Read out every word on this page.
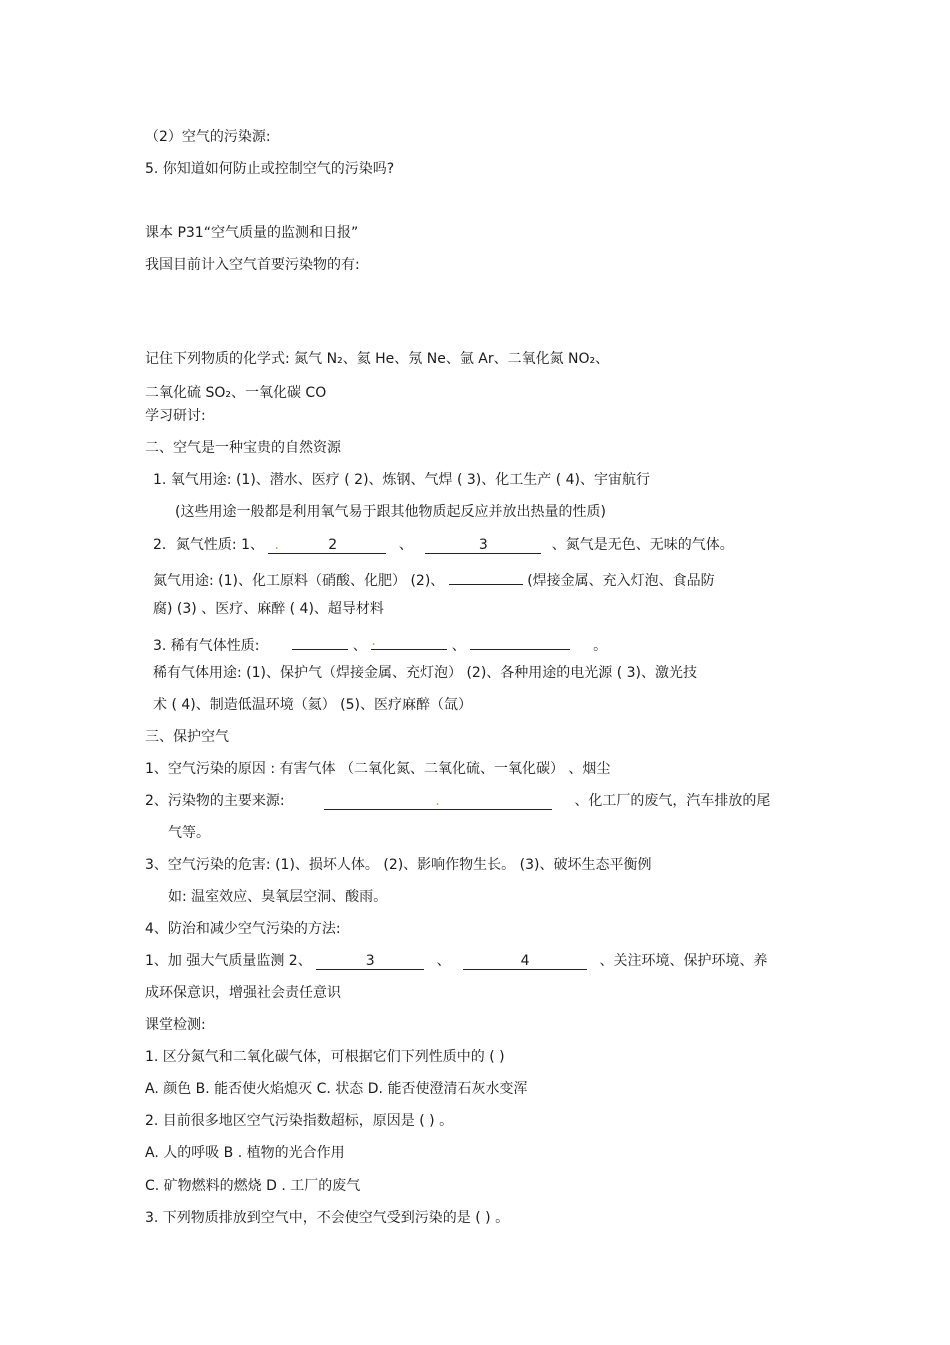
（2）空气的污染源:
5. 你知道如何防止或控制空气的污染吗?
课本 P31“空气质量的监测和日报”
我国目前计入空气首要污染物的有:
记住下列物质的化学式: 氮气 N₂、氦 He、氖 Ne、氩 Ar、二氧化氮 NO₂、
二氧化硫 SO₂、一氧化碳 CO
学习研讨:
二、空气是一种宝贵的自然资源
1. 氧气用途: (1)、潜水、医疗 ( 2)、炼钢、气焊 ( 3)、化工生产 ( 4)、宇宙航行
(这些用途一般都是利用氧气易于跟其他物质起反应并放出热量的性质)
2．氮气性质: 1、 .	2	、	3	、氮气是无色、无味的气体。
氮气用途: (1)、化工原料（硝酸、化肥） (2)、	(焊接金属、充入灯泡、食品防
腐) (3) 、医疗、麻醉 ( 4)、超导材料
3. 稀有气体性质:	、 .	、	。
稀有气体用途: (1)、保护气（焊接金属、充灯泡） (2)、各种用途的电光源 ( 3)、激光技
术 ( 4)、制造低温环境（氦） (5)、医疗麻醉（氙）
三、保护空气
1、空气污染的原因 : 有害气体 （二氧化氮、二氧化硫、一氧化碳） 、烟尘
2、污染物的主要来源:	.	、化工厂的废气，汽车排放的尾
气等。
3、空气污染的危害: (1)、损坏人体。 (2)、影响作物生长。 (3)、破坏生态平衡例
如: 温室效应、臭氧层空洞、酸雨。
4、防治和减少空气污染的方法:
1、加 强大气质量监测 2、	3	、	4	、关注环境、保护环境、养
成环保意识，增强社会责任意识
课堂检测:
1. 区分氮气和二氧化碳气体，可根据它们下列性质中的 ( )
A. 颜色 B. 能否使火焰熄灭 C. 状态 D. 能否使澄清石灰水变浑
2. 目前很多地区空气污染指数超标，原因是 ( ) 。
A. 人的呼吸 B . 植物的光合作用
C. 矿物燃料的燃烧 D . 工厂的废气
3. 下列物质排放到空气中，不会使空气受到污染的是 ( ) 。
